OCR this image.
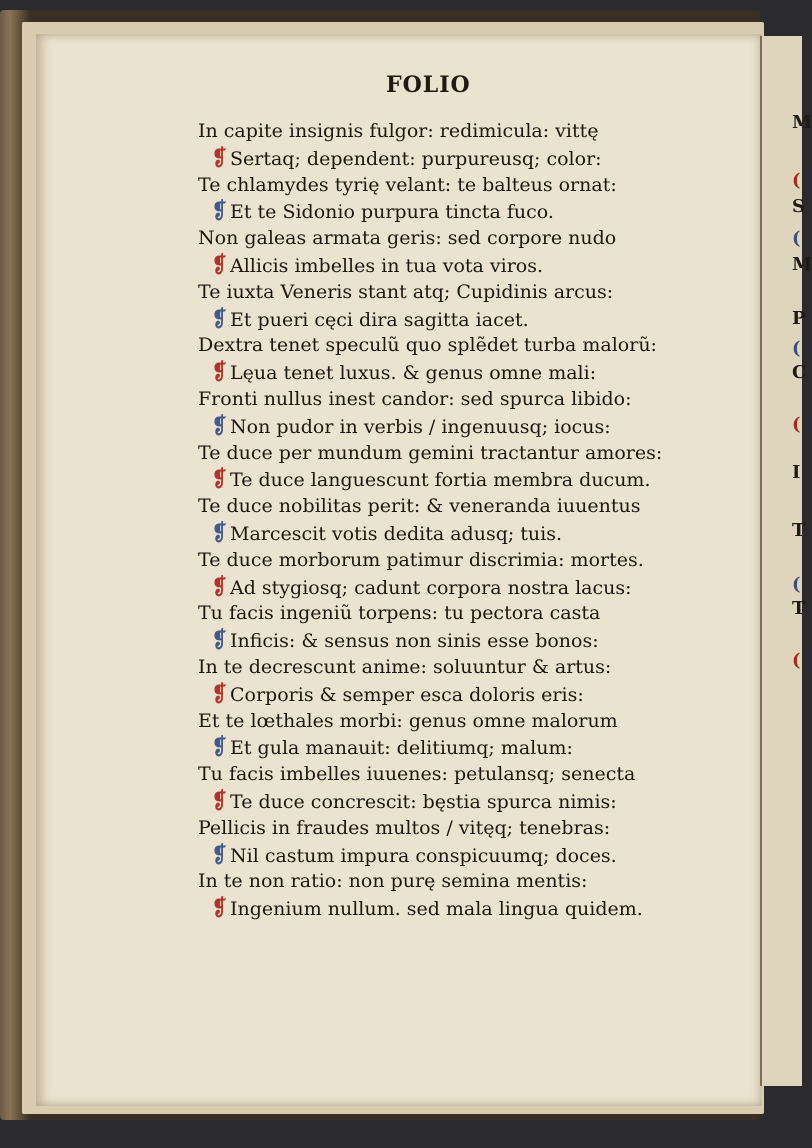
M
(
S
(
M
P
(
C
(
I
T
(
T
(
FOLIO
In capite insignis fulgor: redimicula: vittę
❡ Sertaq; dependent: purpureusq; color:
Te chlamydes tyrię velant: te balteus ornat:
❡ Et te Sidonio purpura tincta fuco.
Non galeas armata geris: sed corpore nudo
❡ Allicis imbelles in tua vota viros.
Te iuxta Veneris stant atq; Cupidinis arcus:
❡ Et pueri cęci dira sagitta iacet.
Dextra tenet speculũ quo splẽdet turba malorũ:
❡ Lęua tenet luxus. & genus omne mali:
Fronti nullus inest candor: sed spurca libido:
❡ Non pudor in verbis / ingenuusq; iocus:
Te duce per mundum gemini tractantur amores:
❡ Te duce languescunt fortia membra ducum.
Te duce nobilitas perit: & veneranda iuuentus
❡ Marcescit votis dedita adusq; tuis.
Te duce morborum patimur discrimia: mortes.
❡ Ad stygiosq; cadunt corpora nostra lacus:
Tu facis ingeniũ torpens: tu pectora casta
❡ Inficis: & sensus non sinis esse bonos:
In te decrescunt anime: soluuntur & artus:
❡ Corporis & semper esca doloris eris:
Et te lœthales morbi: genus omne malorum
❡ Et gula manauit: delitiumq; malum:
Tu facis imbelles iuuenes: petulansq; senecta
❡ Te duce concrescit: bęstia spurca nimis:
Pellicis in fraudes multos / vitęq; tenebras:
❡ Nil castum impura conspicuumq; doces.
In te non ratio: non purę semina mentis:
❡ Ingenium nullum. sed mala lingua quidem.
